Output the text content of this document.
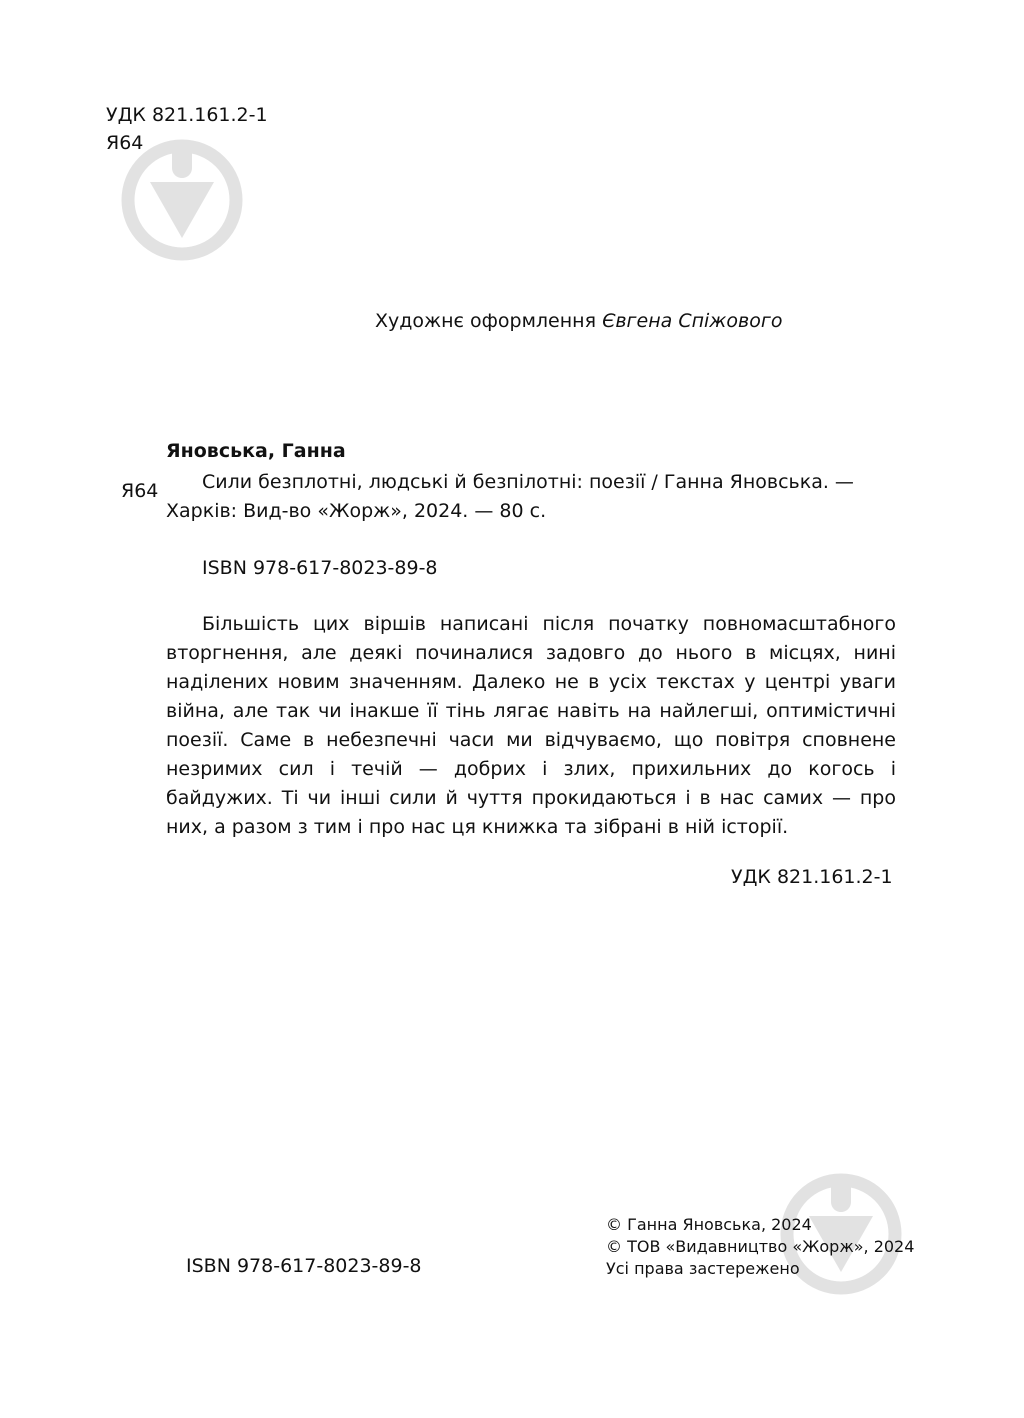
УДК 821.161.2-1
Я64
Художнє оформлення Євгена Спіжового
Яновська, Ганна
Я64	Сили безплотні, людські й безпілотні: поезії / Ганна Яновська. — Харків: Вид-во «Жорж», 2024. — 80 с.
ISBN 978-617-8023-89-8
Більшість цих віршів написані після початку повномасштабного вторгнення, але деякі починалися задовго до нього в місцях, нині наділених новим значенням. Далеко не в усіх текстах у центрі уваги війна, але так чи інакше її тінь лягає навіть на найлегші, оптимістичні поезії. Саме в небезпечні часи ми відчуваємо, що повітря сповнене незримих сил і течій — добрих і злих, прихильних до когось і байдужих. Ті чи інші сили й чуття прокидаються і в нас самих — про них, а разом з тим і про нас ця книжка та зібрані в ній історії.
УДК 821.161.2-1
ISBN 978-617-8023-89-8
© Ганна Яновська, 2024
© ТОВ «Видавництво «Жорж», 2024
Усі права застережено
